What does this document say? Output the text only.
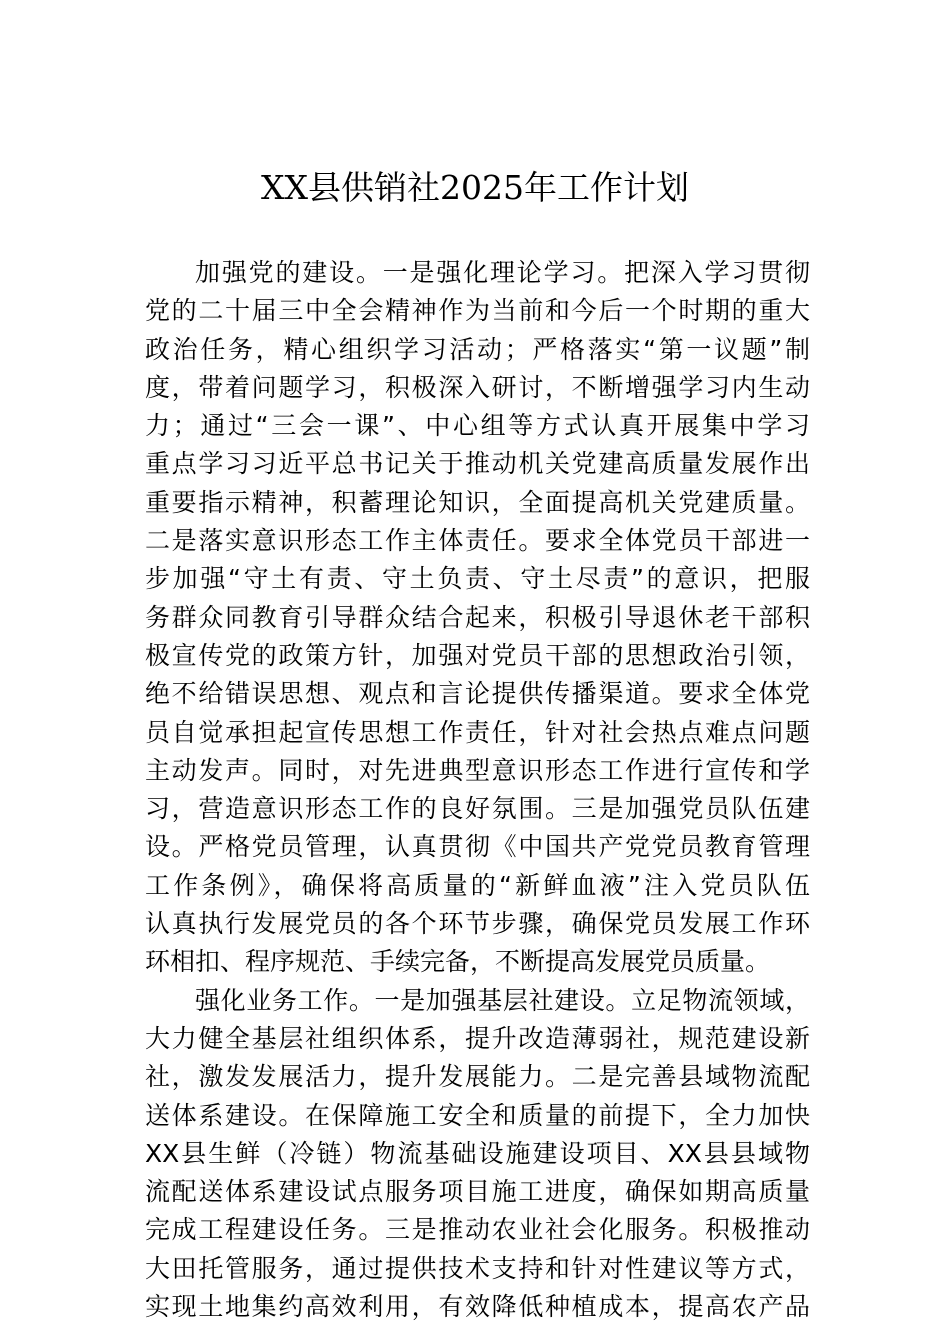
XX县供销社2025年工作计划
加强党的建设。一是强化理论学习。把深入学习贯彻
党的二十届三中全会精神作为当前和今后一个时期的重大
政治任务，精心组织学习活动；严格落实“第一议题”制
度，带着问题学习，积极深入研讨，不断增强学习内生动
力；通过“三会一课”、中心组等方式认真开展集中学习
重点学习习近平总书记关于推动机关党建高质量发展作出
重要指示精神，积蓄理论知识，全面提高机关党建质量。
二是落实意识形态工作主体责任。要求全体党员干部进一
步加强“守土有责、守土负责、守土尽责”的意识，把服
务群众同教育引导群众结合起来，积极引导退休老干部积
极宣传党的政策方针，加强对党员干部的思想政治引领，
绝不给错误思想、观点和言论提供传播渠道。要求全体党
员自觉承担起宣传思想工作责任，针对社会热点难点问题
主动发声。同时，对先进典型意识形态工作进行宣传和学
习，营造意识形态工作的良好氛围。三是加强党员队伍建
设。严格党员管理，认真贯彻《中国共产党党员教育管理
工作条例》，确保将高质量的“新鲜血液”注入党员队伍
认真执行发展党员的各个环节步骤，确保党员发展工作环
环相扣、程序规范、手续完备，不断提高发展党员质量。
强化业务工作。一是加强基层社建设。立足物流领域，
大力健全基层社组织体系，提升改造薄弱社，规范建设新
社，激发发展活力，提升发展能力。二是完善县域物流配
送体系建设。在保障施工安全和质量的前提下，全力加快
XX县生鲜（冷链）物流基础设施建设项目、XX县县域物
流配送体系建设试点服务项目施工进度，确保如期高质量
完成工程建设任务。三是推动农业社会化服务。积极推动
大田托管服务，通过提供技术支持和针对性建议等方式，
实现土地集约高效利用，有效降低种植成本，提高农产品
